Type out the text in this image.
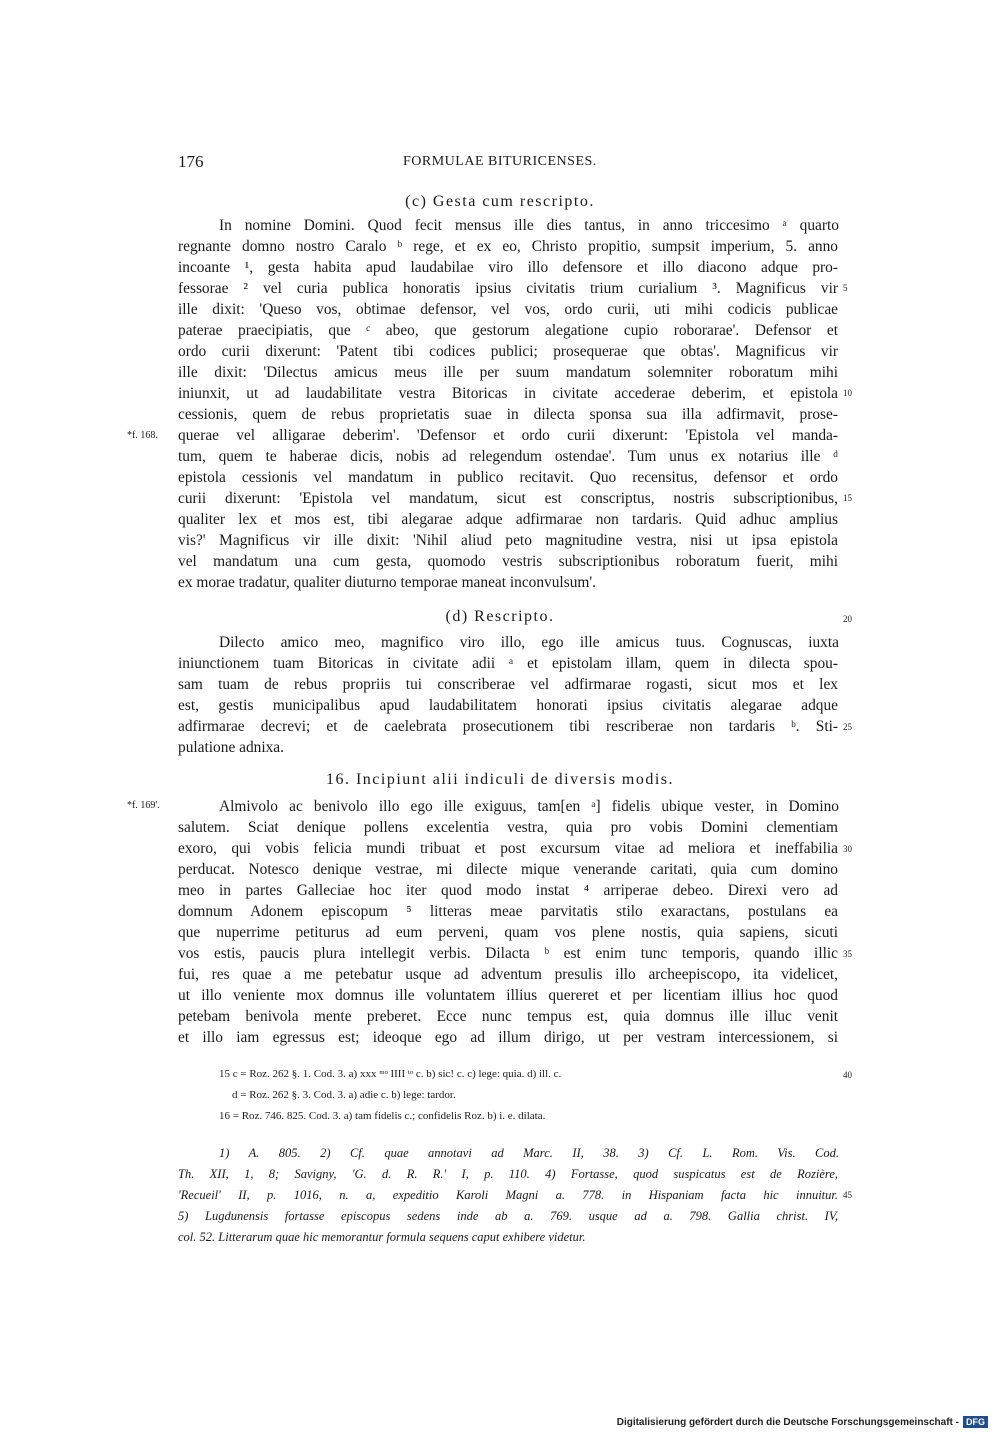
176	FORMULAE BITURICENSES.
(c) Gesta cum rescripto.
In nomine Domini. Quod fecit mensus ille dies tantus, in anno triccesimo ᵃ quarto
regnante domno nostro Caralo ᵇ rege, et ex eo, Christo propitio, sumpsit imperium, 5. anno
incoante ¹, gesta habita apud laudabilae viro illo defensore et illo diacono adque pro-
fessorae ² vel curia publica honoratis ipsius civitatis trium curialium ³. Magnificus vir
ille dixit: 'Queso vos, obtimae defensor, vel vos, ordo curii, uti mihi codicis publicae
paterae praecipiatis, que ᶜ abeo, que gestorum alegatione cupio roborarae'. Defensor et
ordo curii dixerunt: 'Patent tibi codices publici; prosequerae que obtas'. Magnificus vir
ille dixit: 'Dilectus amicus meus ille per suum mandatum solemniter roboratum mihi
iniunxit, ut ad laudabilitate vestra Bitoricas in civitate accederae deberim, et epistola
cessionis, quem de rebus proprietatis suae in dilecta sponsa sua illa adfirmavit, prose-
querae vel alligarae deberim'. 'Defensor et ordo curii dixerunt: 'Epistola vel manda-
tum, quem te haberae dicis, nobis ad relegendum ostendae'. Tum unus ex notarius ille ᵈ
epistola cessionis vel mandatum in publico recitavit. Quo recensitus, defensor et ordo
curii dixerunt: 'Epistola vel mandatum, sicut est conscriptus, nostris subscriptionibus,
qualiter lex et mos est, tibi alegarae adque adfirmarae non tardaris. Quid adhuc amplius
vis?' Magnificus vir ille dixit: 'Nihil aliud peto magnitudine vestra, nisi ut ipsa epistola
vel mandatum una cum gesta, quomodo vestris subscriptionibus roboratum fuerit, mihi
ex morae tradatur, qualiter diuturno temporae maneat inconvulsum'.
(d) Rescripto.
Dilecto amico meo, magnifico viro illo, ego ille amicus tuus. Cognuscas, iuxta
iniunctionem tuam Bitoricas in civitate adii ᵃ et epistolam illam, quem in dilecta spou-
sam tuam de rebus propriis tui conscriberae vel adfirmarae rogasti, sicut mos et lex
est, gestis municipalibus apud laudabilitatem honorati ipsius civitatis alegarae adque
adfirmarae decrevi; et de caelebrata prosecutionem tibi rescriberae non tardaris ᵇ. Sti-
pulatione adnixa.
16. Incipiunt alii indiculi de diversis modis.
Almivolo ac benivolo illo ego ille exiguus, tam[en ᵃ] fidelis ubique vester, in Domino
salutem. Sciat denique pollens excelentia vestra, quia pro vobis Domini clementiam
exoro, qui vobis felicia mundi tribuat et post excursum vitae ad meliora et ineffabilia
perducat. Notesco denique vestrae, mi dilecte mique venerande caritati, quia cum domino
meo in partes Galleciae hoc iter quod modo instat ⁴ arriperae debeo. Direxi vero ad
domnum Adonem episcopum ⁵ litteras meae parvitatis stilo exaractans, postulans ea
que nuperrime petiturus ad eum perveni, quam vos plene nostis, quia sapiens, sicuti
vos estis, paucis plura intellegit verbis. Dilacta ᵇ est enim tunc temporis, quando illic
fui, res quae a me petebatur usque ad adventum presulis illo archeepiscopo, ita videlicet,
ut illo veniente mox domnus ille voluntatem illius quereret et per licentiam illius hoc quod
petebam benivola mente preberet. Ecce nunc tempus est, quia domnus ille illuc venit
et illo iam egressus est; ideoque ego ad illum dirigo, ut per vestram intercessionem, si
*f. 168.
*f. 169'.
5
10
15
20
25
30
35
40
45
15 c = Roz. 262 §. 1. Cod. 3. a) xxx ᵐᵒ IIII ᵗᵒ c. b) sic! c. c) lege: quia. d) ill. c.
d = Roz. 262 §. 3. Cod. 3. a) adie c. b) lege: tardor.
16 = Roz. 746. 825. Cod. 3. a) tam fidelis c.; confidelis Roz. b) i. e. dilata.
1) A. 805. 2) Cf. quae annotavi ad Marc. II, 38. 3) Cf. L. Rom. Vis. Cod.
Th. XII, 1, 8; Savigny, 'G. d. R. R.' I, p. 110. 4) Fortasse, quod suspicatus est de Rozière,
'Recueil' II, p. 1016, n. a, expeditio Karoli Magni a. 778. in Hispaniam facta hic innuitur.
5) Lugdunensis fortasse episcopus sedens inde ab a. 769. usque ad a. 798. Gallia christ. IV,
col. 52. Litterarum quae hic memorantur formula sequens caput exhibere videtur.
Digitalisierung gefördert durch die Deutsche Forschungsgemeinschaft - DFG
